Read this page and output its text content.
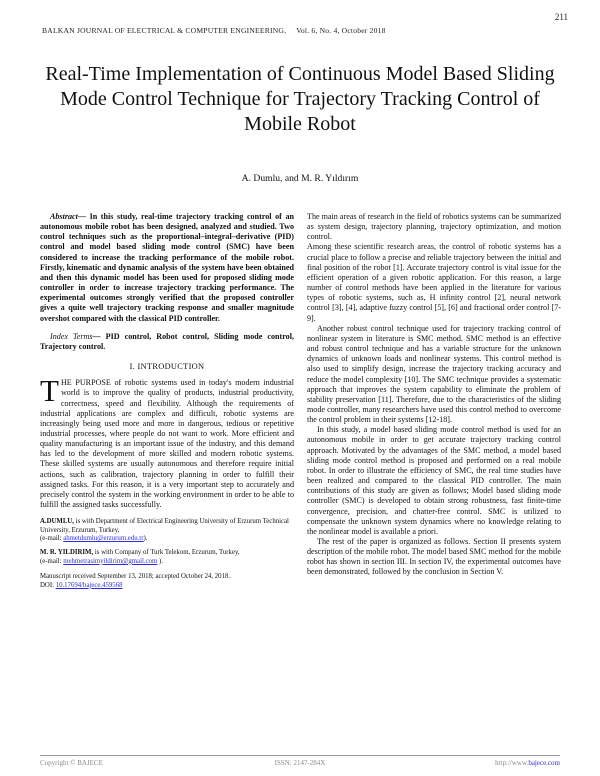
211
BALKAN JOURNAL OF ELECTRICAL & COMPUTER ENGINEERING, Vol. 6, No. 4, October 2018
Real-Time Implementation of Continuous Model Based Sliding Mode Control Technique for Trajectory Tracking Control of Mobile Robot
A. Dumlu, and M. R. Yıldırım

Abstract— In this study, real-time trajectory tracking control of an autonomous mobile robot has been designed, analyzed and studied. Two control techniques such as the proportional–integral–derivative (PID) control and model based sliding mode control (SMC) have been considered to increase the tracking performance of the mobile robot. Firstly, kinematic and dynamic analysis of the system have been obtained and then this dynamic model has been used for proposed sliding mode controller in order to increase trajectory tracking performance. The experimental outcomes strongly verified that the proposed controller gives a quite well trajectory tracking response and smaller magnitude overshot compared with the classical PID controller.

Index Terms— PID control, Robot control, Sliding mode control, Trajectory control.

I. INTRODUCTION

THE PURPOSE of robotic systems used in today's modern industrial world is to improve the quality of products, industrial productivity, correctness, speed and flexibility. Although the requirements of industrial applications are complex and difficult, robotic systems are increasingly being used more and more in dangerous, tedious or repetitive industrial processes, where people do not want to work. More efficient and quality manufacturing is an important issue of the industry, and this demand has led to the development of more skilled and modern robotic systems. These skilled systems are usually autonomous and therefore require initial actions, such as calibration, trajectory planning in order to fulfill their assigned tasks. For this reason, it is a very important step to accurately and precisely control the system in the working environment in order to be able to fulfill the assigned tasks successfully.

A.DUMLU, is with Department of Electrical Engineering University of Erzurum Technical University, Erzurum, Turkey,
(e-mail: ahmetdumlu@erzurum.edu.tr).

M. R. YILDIRIM, is with Company of Turk Telekom, Erzurum, Turkey,
(e-mail: mehmetrasimyildirim@gmail.com ).

Manuscript received September 13, 2018; accepted October 24, 2018.
DOI: 10.17694/bajece.459568

The main areas of research in the field of robotics systems can be summarized as system design, trajectory planning, trajectory optimization, and motion control.

Among these scientific research areas, the control of robotic systems has a crucial place to follow a precise and reliable trajectory between the initial and final position of the robot [1]. Accurate trajectory control is vital issue for the efficient operation of a given robotic application. For this reason, a large number of control methods have been applied in the literature for various types of robotic systems, such as, H infinity control [2], neural network control [3], [4], adaptive fuzzy control [5], [6] and fractional order control [7-9].

Another robust control technique used for trajectory tracking control of nonlinear system in literature is SMC method. SMC method is an effective and robust control technique and has a variable structure for the unknown dynamics of unknown loads and nonlinear systems. This control method is also used to simplify design, increase the trajectory tracking accuracy and reduce the model complexity [10]. The SMC technique provides a systematic approach that improves the system capability to eliminate the problem of stability preservation [11]. Therefore, due to the characteristics of the sliding mode controller, many researchers have used this control method to overcome the control problem in their systems [12-18].

In this study, a model based sliding mode control method is used for an autonomous mobile in order to get accurate trajectory tracking control approach. Motivated by the advantages of the SMC method, a model based sliding mode control method is proposed and performed on a real mobile robot. In order to illustrate the efficiency of SMC, the real time studies have been realized and compared to the classical PID controller. The main contributions of this study are given as follows; Model based sliding mode controller (SMC) is developed to obtain strong robustness, fast finite-time convergence, precision, and chatter-free control. SMC is utilized to compensate the unknown system dynamics where no knowledge relating to the nonlinear model is available a priori.

The rest of the paper is organized as follows. Section II presents system description of the mobile robot. The model based SMC method for the mobile robot has shown in section III. In section IV, the experimental outcomes have been demonstrated, followed by the conclusion in Section V.

Copyright © BAJECE	ISSN: 2147-284X	http://www.bajece.com
